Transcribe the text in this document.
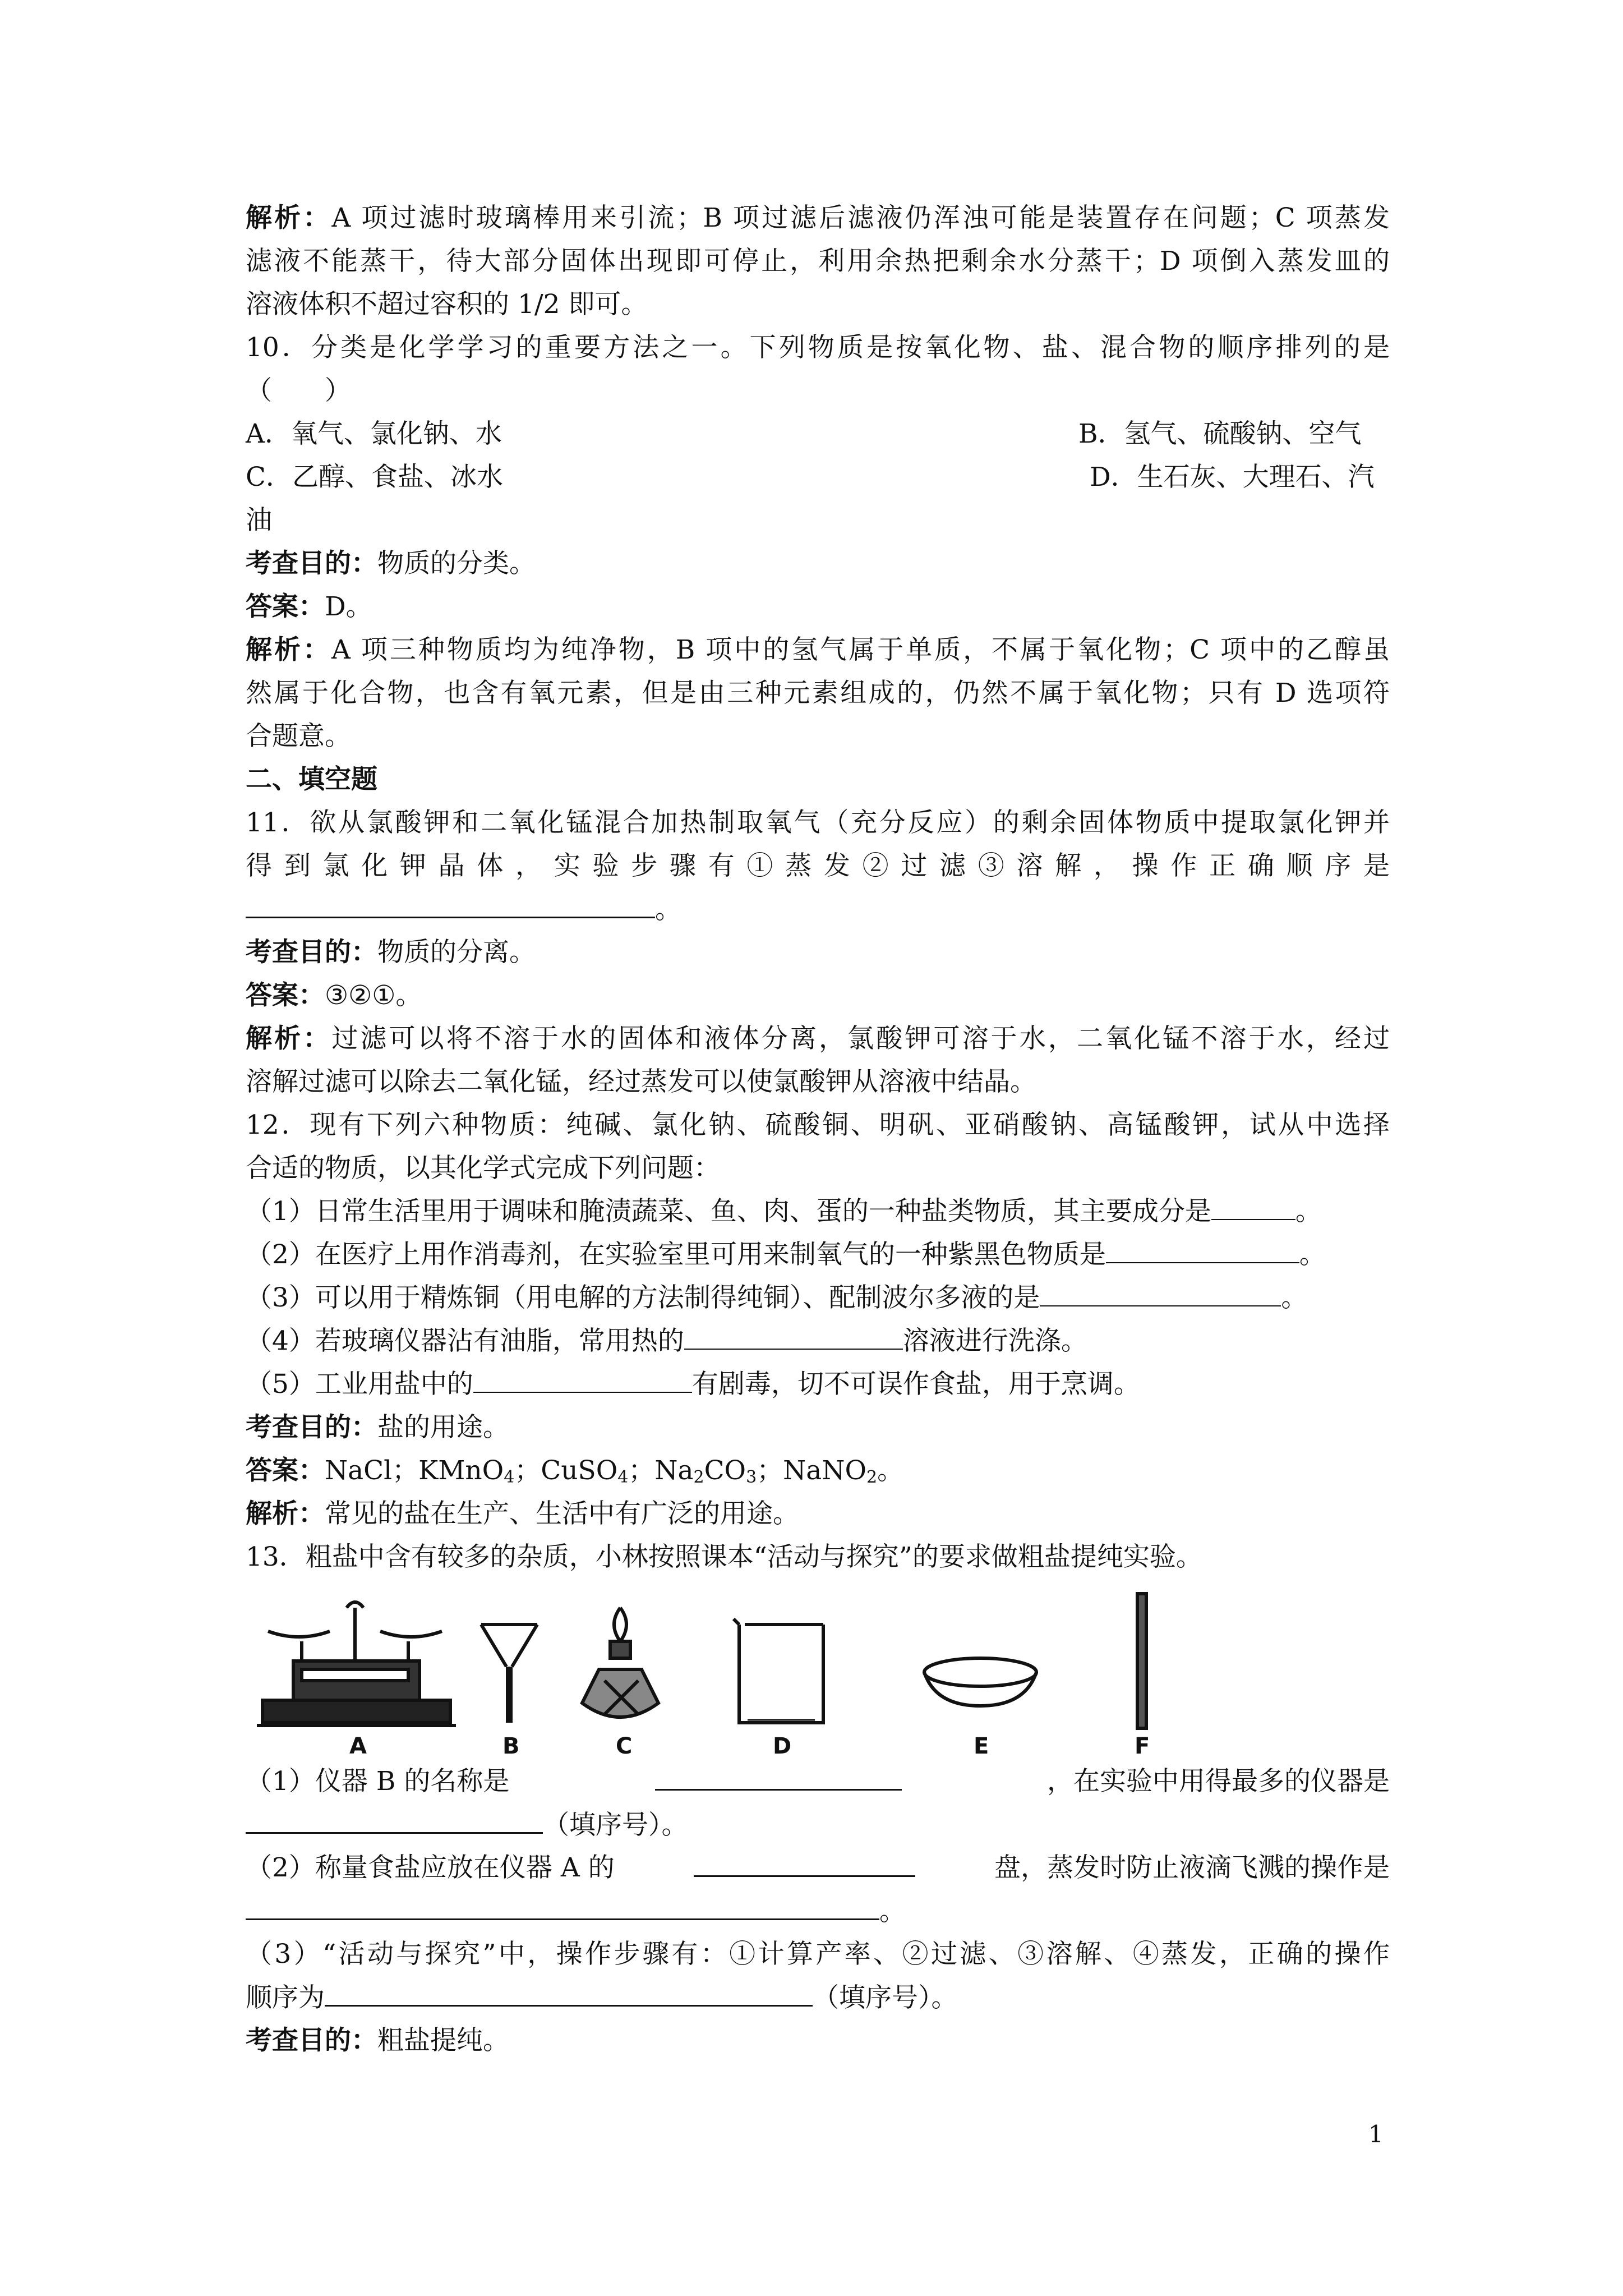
解析：A 项过滤时玻璃棒用来引流；B 项过滤后滤液仍浑浊可能是装置存在问题；C 项蒸发
滤液不能蒸干，待大部分固体出现即可停止，利用余热把剩余水分蒸干；D 项倒入蒸发皿的
溶液体积不超过容积的 1/2 即可。
10．分类是化学学习的重要方法之一。下列物质是按氧化物、盐、混合物的顺序排列的是
（　　）
A．氧气、氯化钠、水	B．氢气、硫酸钠、空气
C．乙醇、食盐、冰水	D．生石灰、大理石、汽
油
考查目的：物质的分类。
答案：D。
解析：A 项三种物质均为纯净物，B 项中的氢气属于单质，不属于氧化物；C 项中的乙醇虽
然属于化合物，也含有氧元素，但是由三种元素组成的，仍然不属于氧化物；只有 D 选项符
合题意。
二、填空题
11．欲从氯酸钾和二氧化锰混合加热制取氧气（充分反应）的剩余固体物质中提取氯化钾并
得到氯化钾晶体，实验步骤有①蒸发②过滤③溶解，操作正确顺序是
。
考查目的：物质的分离。
答案：③②①。
解析：过滤可以将不溶于水的固体和液体分离，氯酸钾可溶于水，二氧化锰不溶于水，经过
溶解过滤可以除去二氧化锰，经过蒸发可以使氯酸钾从溶液中结晶。
12．现有下列六种物质：纯碱、氯化钠、硫酸铜、明矾、亚硝酸钠、高锰酸钾，试从中选择
合适的物质，以其化学式完成下列问题：
（1）日常生活里用于调味和腌渍蔬菜、鱼、肉、蛋的一种盐类物质，其主要成分是	。
（2）在医疗上用作消毒剂，在实验室里可用来制氧气的一种紫黑色物质是	。
（3）可以用于精炼铜（用电解的方法制得纯铜）、配制波尔多液的是	。
（4）若玻璃仪器沾有油脂，常用热的	溶液进行洗涤。
（5）工业用盐中的	有剧毒，切不可误作食盐，用于烹调。
考查目的：盐的用途。
答案：NaCl；KMnO$_4$；CuSO$_4$；$Na_2CO_3$；NaNO$_2$。
解析：常见的盐在生产、生活中有广泛的用途。
13．粗盐中含有较多的杂质，小林按照课本“活动与探究”的要求做粗盐提纯实验。
A	B	C	D	E	F
（1）仪器 B 的名称是	，在实验中用得最多的仪器是
（填序号）。
（2）称量食盐应放在仪器 A 的	盘，蒸发时防止液滴飞溅的操作是
。
（3）“活动与探究”中，操作步骤有：①计算产率、②过滤、③溶解、④蒸发，正确的操作
顺序为	（填序号）。
考查目的：粗盐提纯。
1
